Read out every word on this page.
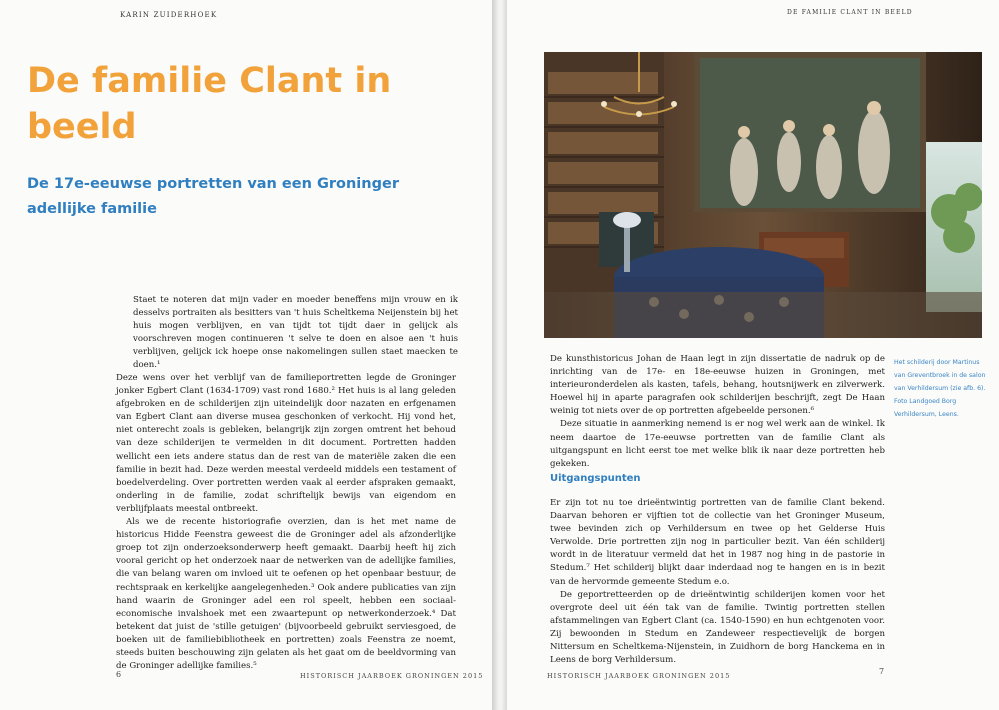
KARIN ZUIDERHOEK
De familie Clant in beeld
De 17e-eeuwse portretten van een Groninger adellijke familie
Staet te noteren dat mijn vader en moeder beneffens mijn vrouw en ik desselvs portraiten als besitters van 't huis Scheltkema Neijenstein bij het huis mogen verblijven, en van tijdt tot tijdt daer in gelijck als voorschreven mogen continueren 't selve te doen en alsoe aen 't huis verblijven, gelijck ick hoepe onse nakomelingen sullen staet maecken te doen.¹

Deze wens over het verblijf van de familieportretten legde de Groninger jonker Egbert Clant (1634-1709) vast rond 1680.² Het huis is al lang geleden afgebroken en de schilderijen zijn uiteindelijk door nazaten en erfgenamen van Egbert Clant aan diverse musea geschonken of verkocht. Hij vond het, niet onterecht zoals is gebleken, belangrijk zijn zorgen omtrent het behoud van deze schilderijen te vermelden in dit document. Portretten hadden wellicht een iets andere status dan de rest van de materiële zaken die een familie in bezit had. Deze werden meestal verdeeld middels een testament of boedelverdeling. Over portretten werden vaak al eerder afspraken gemaakt, onderling in de familie, zodat schriftelijk bewijs van eigendom en verblijfplaats meestal ontbreekt.

Als we de recente historiografie overzien, dan is het met name de historicus Hidde Feenstra geweest die de Groninger adel als afzonderlijke groep tot zijn onderzoeksonderwerp heeft gemaakt. Daarbij heeft hij zich vooral gericht op het onderzoek naar de netwerken van de adellijke families, die van belang waren om invloed uit te oefenen op het openbaar bestuur, de rechtspraak en kerkelijke aangelegenheden.³ Ook andere publicaties van zijn hand waarin de Groninger adel een rol speelt, hebben een sociaal-economische invalshoek met een zwaartepunt op netwerkonderzoek.⁴ Dat betekent dat juist de 'stille getuigen' (bijvoorbeeld gebruikt serviesgoed, de boeken uit de familiebibliotheek en portretten) zoals Feenstra ze noemt, steeds buiten beschouwing zijn gelaten als het gaat om de beeldvorming van de Groninger adellijke families.⁵

6	HISTORISCH JAARBOEK GRONINGEN 2015
DE FAMILIE CLANT IN BEELD
Het schilderij door Martinus van Greventbroek in de salon van Verhildersum (zie afb. 6). Foto Landgoed Borg Verhildersum, Leens.

De kunsthistoricus Johan de Haan legt in zijn dissertatie de nadruk op de inrichting van de 17e- en 18e-eeuwse huizen in Groningen, met interieuronderdelen als kasten, tafels, behang, houtsnijwerk en zilverwerk. Hoewel hij in aparte paragrafen ook schilderijen beschrijft, zegt De Haan weinig tot niets over de op portretten afgebeelde personen.⁶

Deze situatie in aanmerking nemend is er nog wel werk aan de winkel. Ik neem daartoe de 17e-eeuwse portretten van de familie Clant als uitgangspunt en licht eerst toe met welke blik ik naar deze portretten heb gekeken.

Uitgangspunten

Er zijn tot nu toe drieëntwintig portretten van de familie Clant bekend. Daarvan behoren er vijftien tot de collectie van het Groninger Museum, twee bevinden zich op Verhildersum en twee op het Gelderse Huis Verwolde. Drie portretten zijn nog in particulier bezit. Van één schilderij wordt in de literatuur vermeld dat het in 1987 nog hing in de pastorie in Stedum.⁷ Het schilderij blijkt daar inderdaad nog te hangen en is in bezit van de hervormde gemeente Stedum e.o.

De geportretteerden op de drieëntwintig schilderijen komen voor het overgrote deel uit één tak van de familie. Twintig portretten stellen afstammelingen van Egbert Clant (ca. 1540-1590) en hun echtgenoten voor. Zij bewoonden in Stedum en Zandeweer respectievelijk de borgen Nittersum en Scheltkema-Nijenstein, in Zuidhorn de borg Hanckema en in Leens de borg Verhildersum.

HISTORISCH JAARBOEK GRONINGEN 2015	7
